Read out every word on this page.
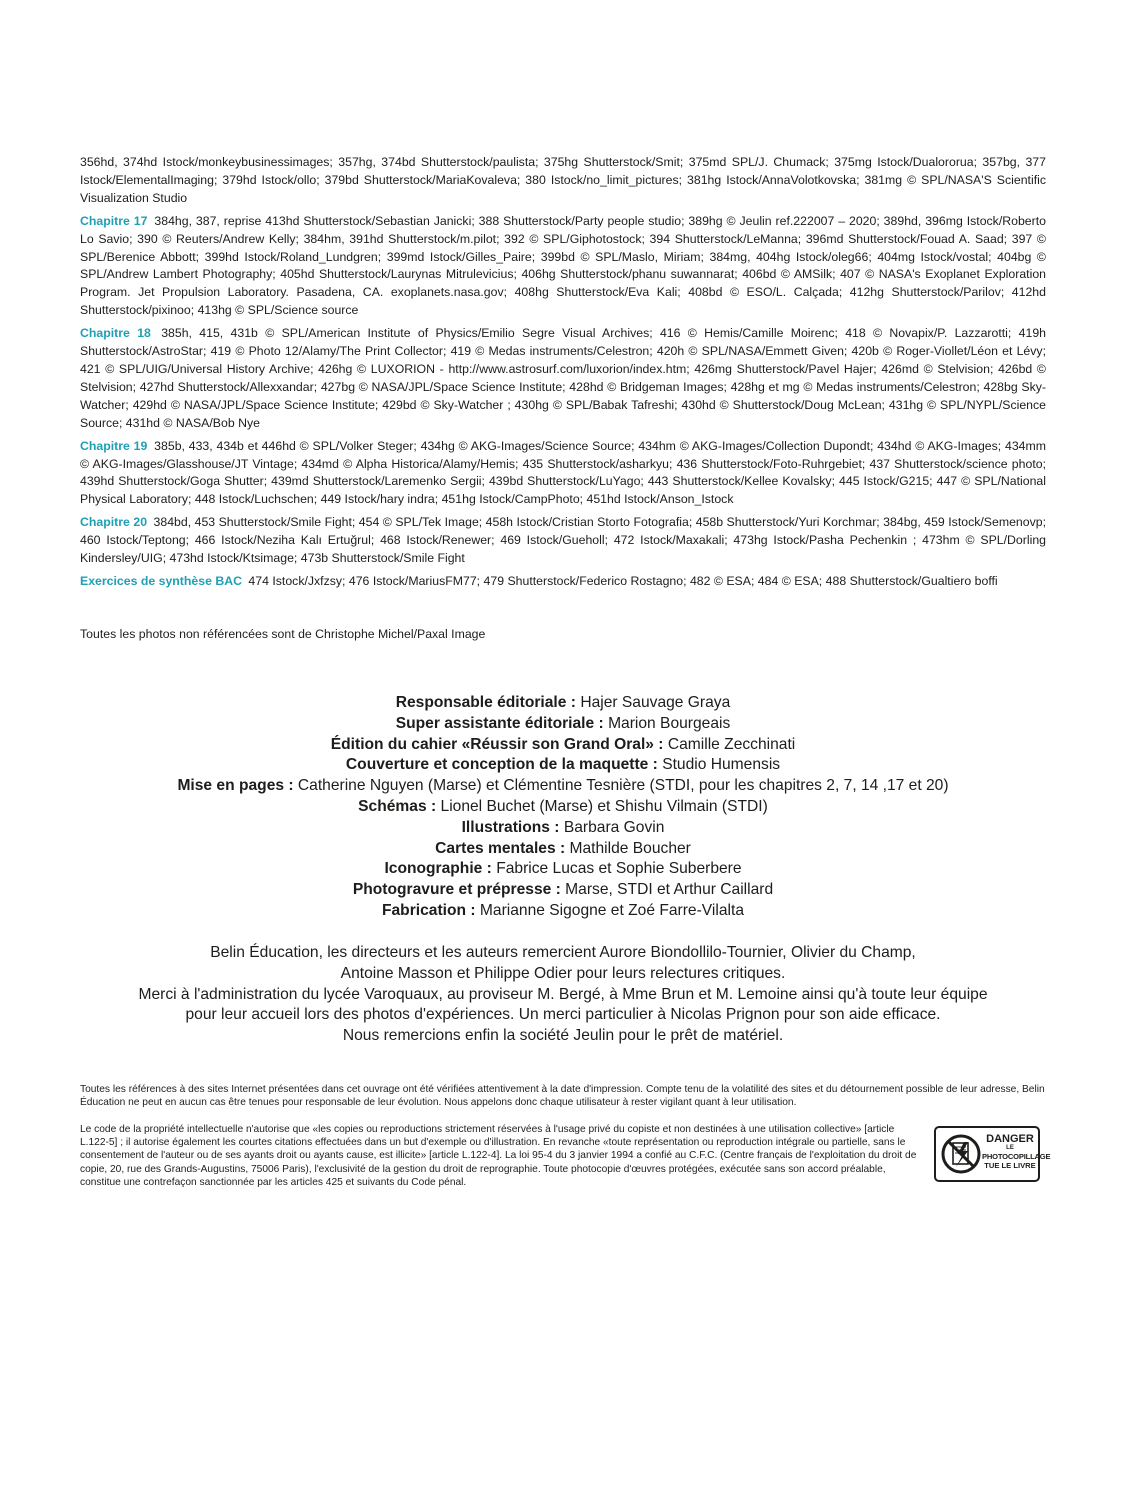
356hd, 374hd Istock/monkeybusinessimages; 357hg, 374bd Shutterstock/paulista; 375hg Shutterstock/Smit; 375md SPL/J. Chumack; 375mg Istock/Dualororua; 357bg, 377 Istock/ElementalImaging; 379hd Istock/ollo; 379bd Shutterstock/MariaKovaleva; 380 Istock/no_limit_pictures; 381hg Istock/AnnaVolotkovska; 381mg © SPL/NASA'S Scientific Visualization Studio

Chapitre 17 384hg, 387, reprise 413hd Shutterstock/Sebastian Janicki; 388 Shutterstock/Party people studio; 389hg © Jeulin ref.222007 – 2020; 389hd, 396mg Istock/Roberto Lo Savio; 390 © Reuters/Andrew Kelly; 384hm, 391hd Shutterstock/m.pilot; 392 © SPL/Giphotostock; 394 Shutterstock/LeManna; 396md Shutterstock/Fouad A. Saad; 397 © SPL/Berenice Abbott; 399hd Istock/Roland_Lundgren; 399md Istock/Gilles_Paire; 399bd © SPL/Maslo, Miriam; 384mg, 404hg Istock/oleg66; 404mg Istock/vostal; 404bg © SPL/Andrew Lambert Photography; 405hd Shutterstock/Laurynas Mitrulevicius; 406hg Shutterstock/phanu suwannarat; 406bd © AMSilk; 407 © NASA's Exoplanet Exploration Program. Jet Propulsion Laboratory. Pasadena, CA. exoplanets.nasa.gov; 408hg Shutterstock/Eva Kali; 408bd © ESO/L. Calçada; 412hg Shutterstock/Parilov; 412hd Shutterstock/pixinoo; 413hg © SPL/Science source

Chapitre 18 385h, 415, 431b © SPL/American Institute of Physics/Emilio Segre Visual Archives; 416 © Hemis/Camille Moirenc; 418 © Novapix/P. Lazzarotti; 419h Shutterstock/AstroStar; 419 © Photo 12/Alamy/The Print Collector; 419 © Medas instruments/Celestron; 420h © SPL/NASA/Emmett Given; 420b © Roger-Viollet/Léon et Lévy; 421 © SPL/UIG/Universal History Archive; 426hg © LUXORION - http://www.astrosurf.com/luxorion/index.htm; 426mg Shutterstock/Pavel Hajer; 426md © Stelvision; 426bd © Stelvision; 427hd Shutterstock/Allexxandar; 427bg © NASA/JPL/Space Science Institute; 428hd © Bridgeman Images; 428hg et mg © Medas instruments/Celestron; 428bg Sky-Watcher; 429hd © NASA/JPL/Space Science Institute; 429bd © Sky-Watcher ; 430hg © SPL/Babak Tafreshi; 430hd © Shutterstock/Doug McLean; 431hg © SPL/NYPL/Science Source; 431hd © NASA/Bob Nye

Chapitre 19 385b, 433, 434b et 446hd © SPL/Volker Steger; 434hg © AKG-Images/Science Source; 434hm © AKG-Images/Collection Dupondt; 434hd © AKG-Images; 434mm © AKG-Images/Glasshouse/JT Vintage; 434md © Alpha Historica/Alamy/Hemis; 435 Shutterstock/asharkyu; 436 Shutterstock/Foto-Ruhrgebiet; 437 Shutterstock/science photo; 439hd Shutterstock/Goga Shutter; 439md Shutterstock/Laremenko Sergii; 439bd Shutterstock/LuYago; 443 Shutterstock/Kellee Kovalsky; 445 Istock/G215; 447 © SPL/National Physical Laboratory; 448 Istock/Luchschen; 449 Istock/hary indra; 451hg Istock/CampPhoto; 451hd Istock/Anson_Istock

Chapitre 20 384bd, 453 Shutterstock/Smile Fight; 454 © SPL/Tek Image; 458h Istock/Cristian Storto Fotografia; 458b Shutterstock/Yuri Korchmar; 384bg, 459 Istock/Semenovp; 460 Istock/Teptong; 466 Istock/Neziha Kalı Ertuğrul; 468 Istock/Renewer; 469 Istock/Gueholl; 472 Istock/Maxakali; 473hg Istock/Pasha Pechenkin ; 473hm © SPL/Dorling Kindersley/UIG; 473hd Istock/Ktsimage; 473b Shutterstock/Smile Fight

Exercices de synthèse BAC 474 Istock/Jxfzsy; 476 Istock/MariusFM77; 479 Shutterstock/Federico Rostagno; 482 © ESA; 484 © ESA; 488 Shutterstock/Gualtiero boffi

Toutes les photos non référencées sont de Christophe Michel/Paxal Image

Responsable éditoriale : Hajer Sauvage Graya
Super assistante éditoriale : Marion Bourgeais
Édition du cahier «Réussir son Grand Oral» : Camille Zecchinati
Couverture et conception de la maquette : Studio Humensis
Mise en pages : Catherine Nguyen (Marse) et Clémentine Tesnière (STDI, pour les chapitres 2, 7, 14 ,17 et 20)
Schémas : Lionel Buchet (Marse) et Shishu Vilmain (STDI)
Illustrations : Barbara Govin
Cartes mentales : Mathilde Boucher
Iconographie : Fabrice Lucas et Sophie Suberbere
Photogravure et prépresse : Marse, STDI et Arthur Caillard
Fabrication : Marianne Sigogne et Zoé Farre-Vilalta

Belin Éducation, les directeurs et les auteurs remercient Aurore Biondollilo-Tournier, Olivier du Champ,

Antoine Masson et Philippe Odier pour leurs relectures critiques.

Merci à l'administration du lycée Varoquaux, au proviseur M. Bergé, à Mme Brun et M. Lemoine ainsi qu'à toute leur équipe

pour leur accueil lors des photos d'expériences. Un merci particulier à Nicolas Prignon pour son aide efficace.

Nous remercions enfin la société Jeulin pour le prêt de matériel.

Toutes les références à des sites Internet présentées dans cet ouvrage ont été vérifiées attentivement à la date d'impression. Compte tenu de la volatilité des sites et du détournement possible de leur adresse, Belin Éducation ne peut en aucun cas être tenues pour responsable de leur évolution. Nous appelons donc chaque utilisateur à rester vigilant quant à leur utilisation.

Le code de la propriété intellectuelle n'autorise que «les copies ou reproductions strictement réservées à l'usage privé du copiste et non destinées à une utilisation collective» [article L.122-5] ; il autorise également les courtes citations effectuées dans un but d'exemple ou d'illustration. En revanche «toute représentation ou reproduction intégrale ou partielle, sans le consentement de l'auteur ou de ses ayants droit ou ayants cause, est illicite» [article L.122-4]. La loi 95-4 du 3 janvier 1994 a confié au C.F.C. (Centre français de l'exploitation du droit de copie, 20, rue des Grands-Augustins, 75006 Paris), l'exclusivité de la gestion du droit de reprographie. Toute photocopie d'œuvres protégées, exécutée sans son accord préalable, constitue une contrefaçon sanctionnée par les articles 425 et suivants du Code pénal.

DANGER
LE
PHOTOCOPILLAGE
TUE LE LIVRE
